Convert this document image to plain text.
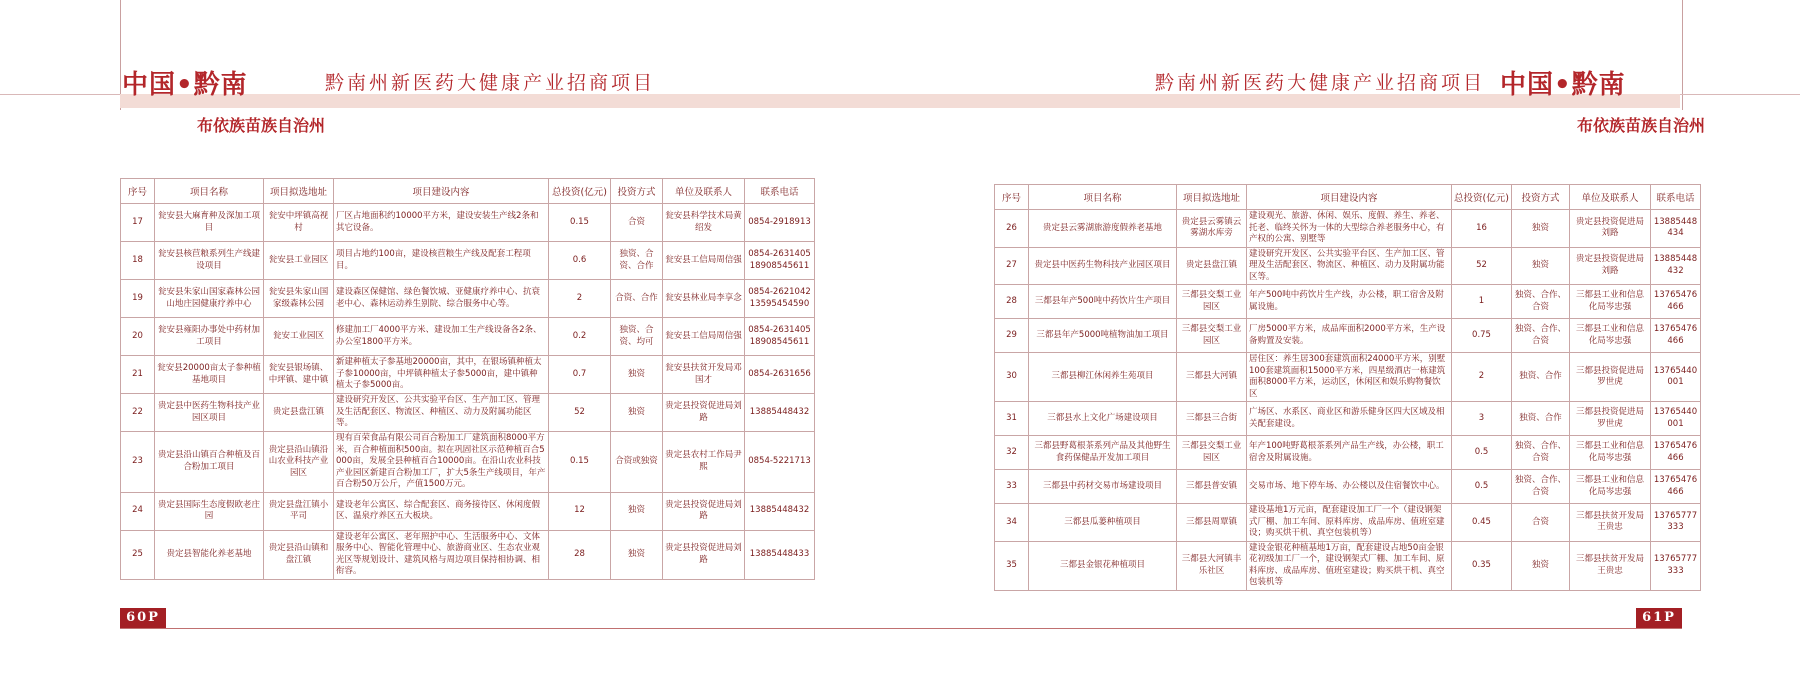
中国•黔南	黔南州新医药大健康产业招商项目
布依族苗族自治州
黔南州新医药大健康产业招商项目 中国•黔南
布依族苗族自治州
序号	项目名称	项目拟选地址	项目建设内容	总投资(亿元)	投资方式	单位及联系人	联系电话
17	瓮安县大麻育种及深加工项目	瓮安中坪镇高视村	厂区占地面积约10000平方米，建设安装生产线2条和其它设备。	0.15	合资	瓮安县科学技术局黄绍发	0854-2918913
18	瓮安县核苣粮系列生产线建设项目	瓮安县工业园区	项目占地约100亩，建设核苣粮生产线及配套工程项目。	0.6	独资、合资、合作	瓮安县工信局周信强	0854-2631405
18908545611
19	瓮安县朱家山国家森林公园山地庄园健康疗养中心	瓮安县朱家山国家级森林公园	建设森区保健馆、绿色餐饮城、亚健康疗养中心、抗衰老中心、森林运动养生别院、综合服务中心等。	2	合资、合作	瓮安县林业局李享念	0854-2621042
13595454590
20	瓮安县雍阳办事处中药材加工项目	瓮安工业园区	修建加工厂4000平方米、建设加工生产线设备各2条、办公室1800平方米。	0.2	独资、合资、均可	瓮安县工信局周信强	0854-2631405
18908545611
21	瓮安县20000亩太子参种植基地项目	瓮安县银场镇、中坪镇、建中镇	新建种植太子参基地20000亩，其中，在银场镇种植太子参10000亩，中坪镇种植太子参5000亩，建中镇种植太子参5000亩。	0.7	独资	瓮安县扶贫开发局邓国才	0854-2631656
22	贵定县中医药生物科技产业园区项目	贵定县盘江镇	建设研究开发区、公共实验平台区、生产加工区、管理及生活配套区、物流区、种植区、动力及附属功能区等。	52	独资	贵定县投资促进局刘路	13885448432
23	贵定县沿山镇百合种植及百合粉加工项目	贵定县沿山镇沿山农业科技产业园区	现有百荣食品有限公司百合粉加工厂建筑面积8000平方米，百合种植面积500亩。拟在巩固社区示范种植百合5000亩，发展全县种植百合10000亩。在沿山农业科技产业园区新建百合粉加工厂，扩大5条生产线项目，年产百合粉50万公斤，产值1500万元。	0.15	合资或独资	贵定县农村工作局尹熙	0854-5221713
24	贵定县国际生态度假欧老庄园	贵定县盘江镇小平司	建设老年公寓区、综合配套区、商务接待区、休闲度假区、温泉疗养区五大板块。	12	独资	贵定县投资促进局刘路	13885448432
25	贵定县智能化养老基地	贵定县沿山镇和盘江镇	建设老年公寓区、老年照护中心、生活服务中心、文体服务中心、智能化管理中心、旅游商业区、生态农业观光区等规划设计、建筑风格与周边项目保持相协调、相衔容。	28	独资	贵定县投资促进局刘路	13885448433
序号	项目名称	项目拟选地址	项目建设内容	总投资(亿元)	投资方式	单位及联系人	联系电话
26	贵定县云雾湖旅游度假养老基地	贵定县云雾镇云雾湖水库旁	建设观光、旅游、休闲、娱乐、度假、养生、养老、托老、临终关怀为一体的大型综合养老服务中心，有产权的公寓、别墅等	16	独资	贵定县投资促进局刘路	13885448434
27	贵定县中医药生物科技产业园区项目	贵定县盘江镇	建设研究开发区、公共实验平台区、生产加工区、管理及生活配套区、物流区、种植区、动力及附属功能区等。	52	独资	贵定县投资促进局刘路	13885448432
28	三都县年产500吨中药饮片生产项目	三都县交梨工业园区	年产500吨中药饮片生产线，办公楼，职工宿舍及附属设施。	1	独资、合作、合资	三都县工业和信息化局岑忠强	13765476466
29	三都县年产5000吨植物油加工项目	三都县交梨工业园区	厂房5000平方米，成品库面积2000平方米，生产设备购置及安装。	0.75	独资、合作、合资	三都县工业和信息化局岑忠强	13765476466
30	三都县柳江休闲养生苑项目	三都县大河镇	居住区：养生居300套建筑面积24000平方米，别墅100套建筑面积15000平方米，四星级酒店一栋建筑面积8000平方米，运动区，休闲区和娱乐购物餐饮区	2	独资、合作	三都县投资促进局罗世虎	13765440001
31	三都县水上文化广场建设项目	三都县三合街	广场区、水系区、商业区和游乐健身区四大区域及相关配套建设。	3	独资、合作	三都县投资促进局罗世虎	13765440001
32	三都县野葛根茶系列产品及其他野生食药保健品开发加工项目	三都县交梨工业园区	年产100吨野葛根茶系列产品生产线，办公楼，职工宿舍及附属设施。	0.5	独资、合作、合资	三都县工业和信息化局岑忠强	13765476466
33	三都县中药材交易市场建设项目	三都县普安镇	交易市场、地下停车场、办公楼以及住宿餐饮中心。	0.5	独资、合作、合资	三都县工业和信息化局岑忠强	13765476466
34	三都县瓜蒌种植项目	三都县周覃镇	建设基地1万元亩，配套建设加工厂一个（建设钢架式厂棚、加工车间、原料库房、成品库房、值班室建设；购买烘干机、真空包装机等）	0.45	合资	三都县扶贫开发局王贵忠	13765777333
35	三都县金银花种植项目	三都县大河镇丰乐社区	建设金银花种植基地1万亩，配套建设占地50亩金银花初级加工厂一个，建设钢架式厂棚、加工车间、原料库房、成品库房、值班室建设；购买烘干机、真空包装机等	0.35	独资	三都县扶贫开发局王贵忠	13765777333
60P	61P
